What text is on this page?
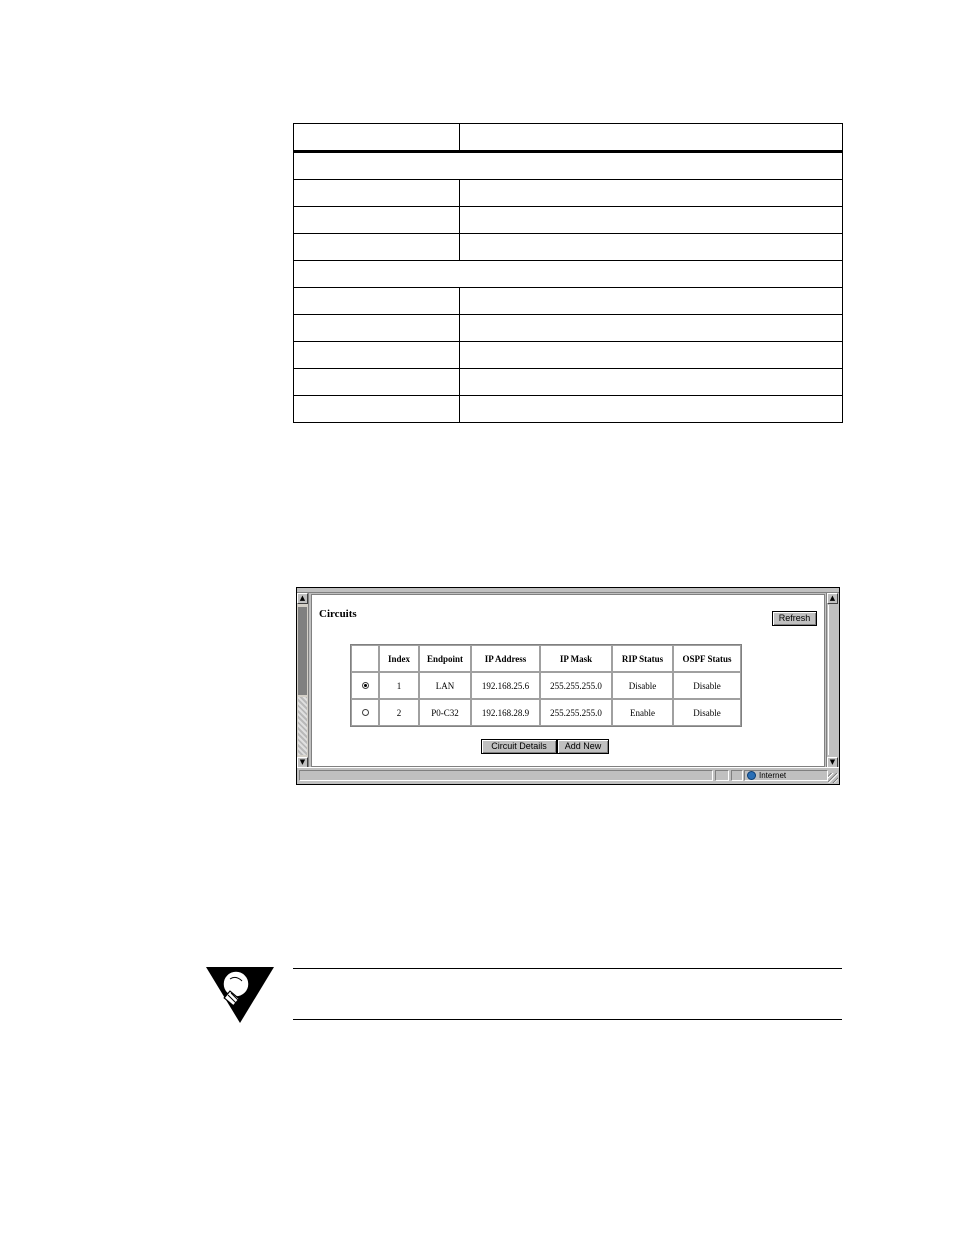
▲
▼
Circuits	Refresh
	Index	Endpoint	IP Address	IP Mask	RIP Status	OSPF Status
	1	LAN	192.168.25.6	255.255.255.0	Disable	Disable
	2	P0-C32	192.168.28.9	255.255.255.0	Enable	Disable
Circuit Details	Add New
▲
▼
Internet
